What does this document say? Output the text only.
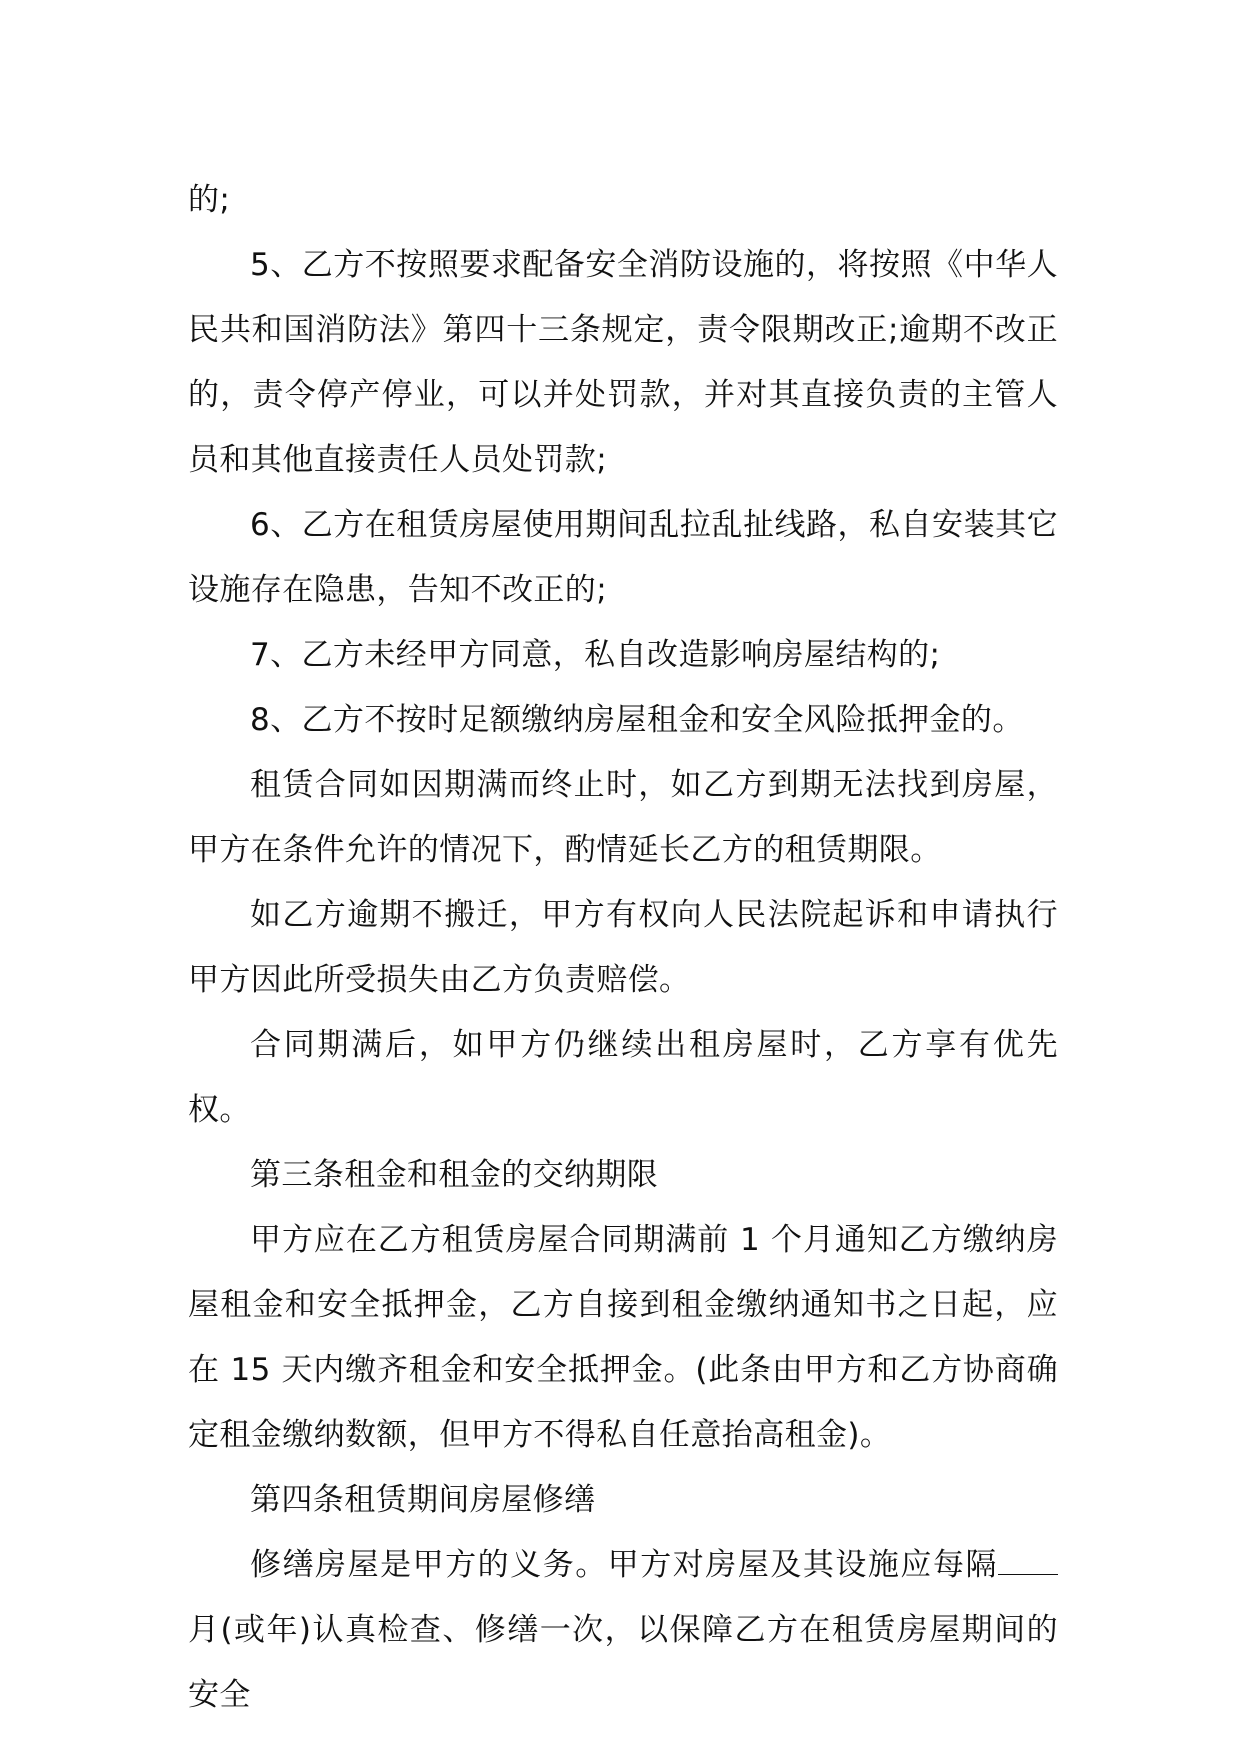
的;

5、乙方不按照要求配备安全消防设施的，将按照《中华人民共和国消防法》第四十三条规定，责令限期改正;逾期不改正的，责令停产停业，可以并处罚款，并对其直接负责的主管人员和其他直接责任人员处罚款;

6、乙方在租赁房屋使用期间乱拉乱扯线路，私自安装其它设施存在隐患，告知不改正的;

7、乙方未经甲方同意，私自改造影响房屋结构的;

8、乙方不按时足额缴纳房屋租金和安全风险抵押金的。

租赁合同如因期满而终止时，如乙方到期无法找到房屋，甲方在条件允许的情况下，酌情延长乙方的租赁期限。

如乙方逾期不搬迁，甲方有权向人民法院起诉和申请执行甲方因此所受损失由乙方负责赔偿。

合同期满后，如甲方仍继续出租房屋时，乙方享有优先权。

第三条租金和租金的交纳期限

甲方应在乙方租赁房屋合同期满前 1 个月通知乙方缴纳房屋租金和安全抵押金，乙方自接到租金缴纳通知书之日起，应在 15 天内缴齐租金和安全抵押金。(此条由甲方和乙方协商确定租金缴纳数额，但甲方不得私自任意抬高租金)。

第四条租赁期间房屋修缮

修缮房屋是甲方的义务。甲方对房屋及其设施应每隔月(或年)认真检查、修缮一次，以保障乙方在租赁房屋期间的安全
